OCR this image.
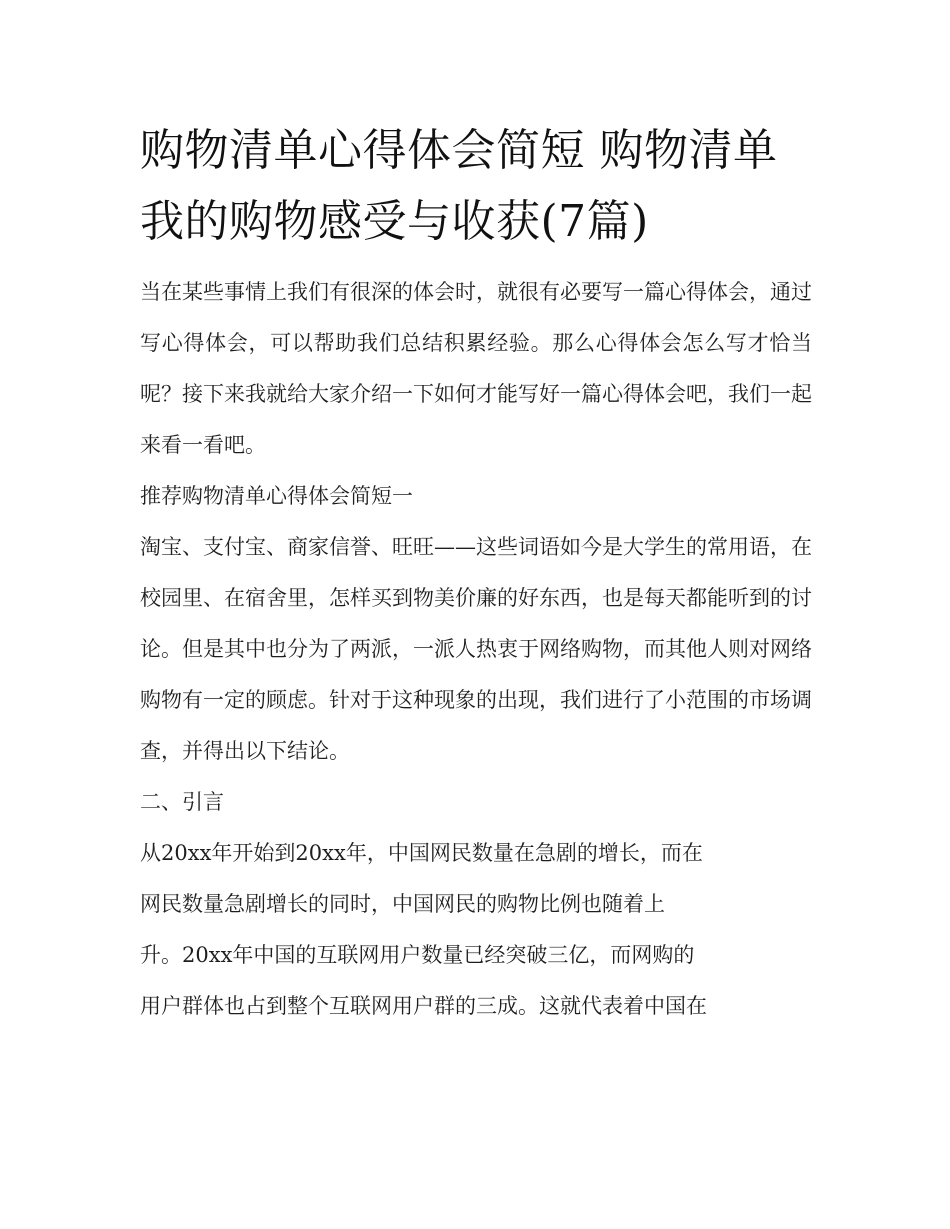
购物清单心得体会简短 购物清单我的购物感受与收获(7篇)

当在某些事情上我们有很深的体会时，就很有必要写一篇心得体会，通过写心得体会，可以帮助我们总结积累经验。那么心得体会怎么写才恰当呢？接下来我就给大家介绍一下如何才能写好一篇心得体会吧，我们一起来看一看吧。

推荐购物清单心得体会简短一

淘宝、支付宝、商家信誉、旺旺——这些词语如今是大学生的常用语，在校园里、在宿舍里，怎样买到物美价廉的好东西，也是每天都能听到的讨论。但是其中也分为了两派，一派人热衷于网络购物，而其他人则对网络购物有一定的顾虑。针对于这种现象的出现，我们进行了小范围的市场调查，并得出以下结论。

二、引言

从20xx年开始到20xx年，中国网民数量在急剧的增长，而在

网民数量急剧增长的同时，中国网民的购物比例也随着上

升。20xx年中国的互联网用户数量已经突破三亿，而网购的

用户群体也占到整个互联网用户群的三成。这就代表着中国在
